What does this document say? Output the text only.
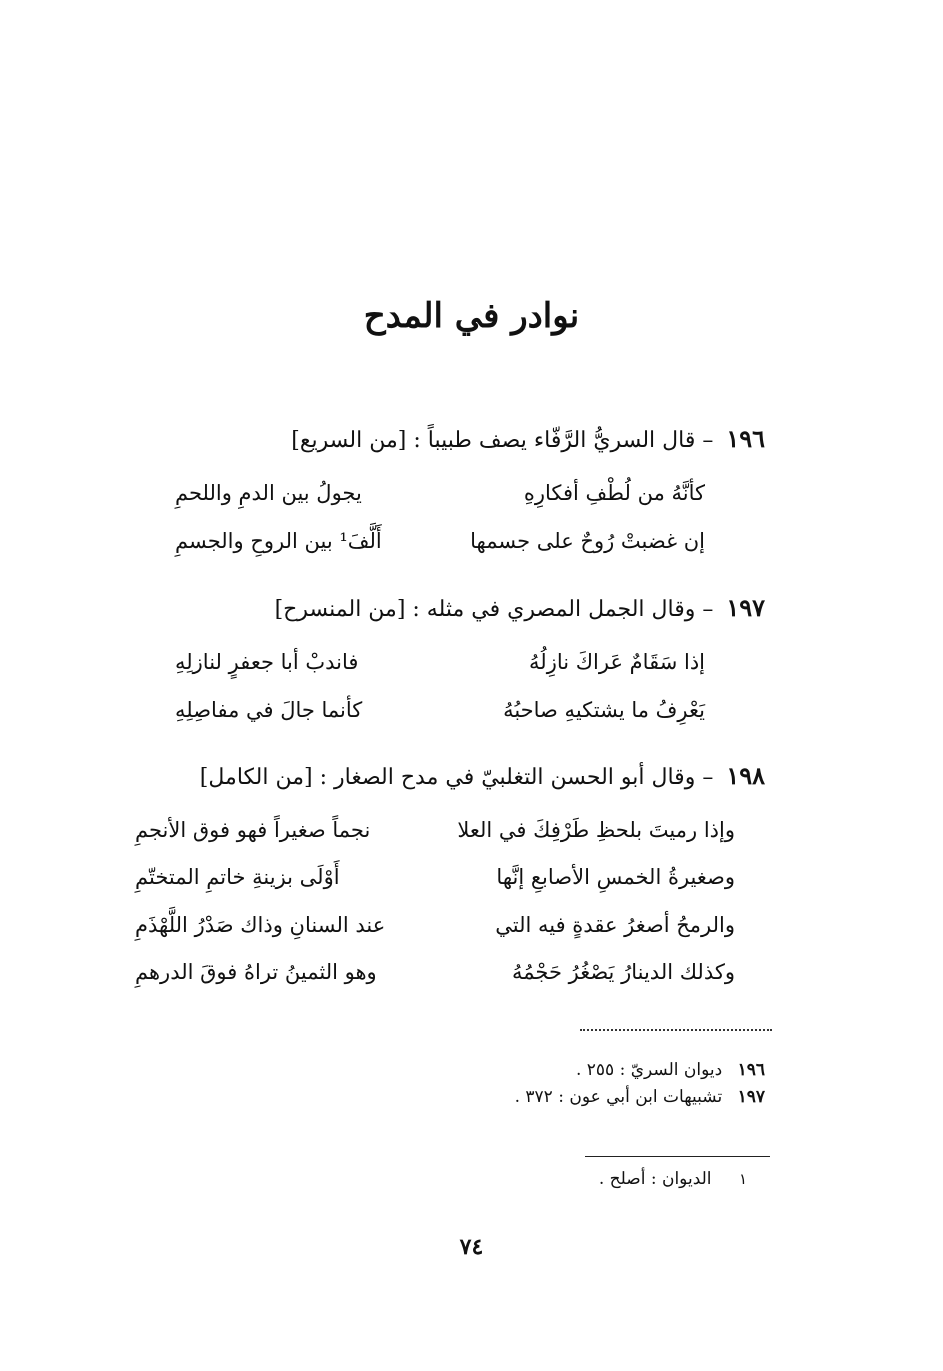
نوادر في المدح
١٩٦ – قال السريُّ الرَّفّاء يصف طبيباً : [من السريع]
كأنَّهُ من لُطْفِ أفكارِهِ
يجولُ بين الدمِ واللحمِ
إن غضبتْ رُوحٌ على جسمها
أَلَّفَ¹ بين الروحِ والجسمِ
١٩٧ – وقال الجمل المصري في مثله : [من المنسرح]
إذا سَقَامٌ عَراكَ نازِلُهُ
فاندبْ أبا جعفرٍ لنازلِهِ
يَعْرِفُ ما يشتكيهِ صاحبُهُ
كأنما جالَ في مفاصِلِهِ
١٩٨ – وقال أبو الحسن التغلبيّ في مدح الصغار : [من الكامل]
وإذا رميتَ بلحظِ طَرْفِكَ في العلا
نجماً صغيراً فهو فوق الأنجمِ
وصغيرةُ الخمسِ الأصابعِ إنَّها
أَوْلَى بزينةِ خاتمِ المتختّمِ
والرمحُ أصغرُ عقدةٍ فيه التي
عند السنانِ وذاك صَدْرُ اللَّهْذَمِ
وكذلك الدينارُ يَصْغُرُ حَجْمُهُ
وهو الثمينُ تراهُ فوقَ الدرهمِ
١٩٦ ديوان السريّ : ٢٥٥ .
١٩٧ تشبيهات ابن أبي عون : ٣٧٢ .
١ الديوان : أصلح .
٧٤
